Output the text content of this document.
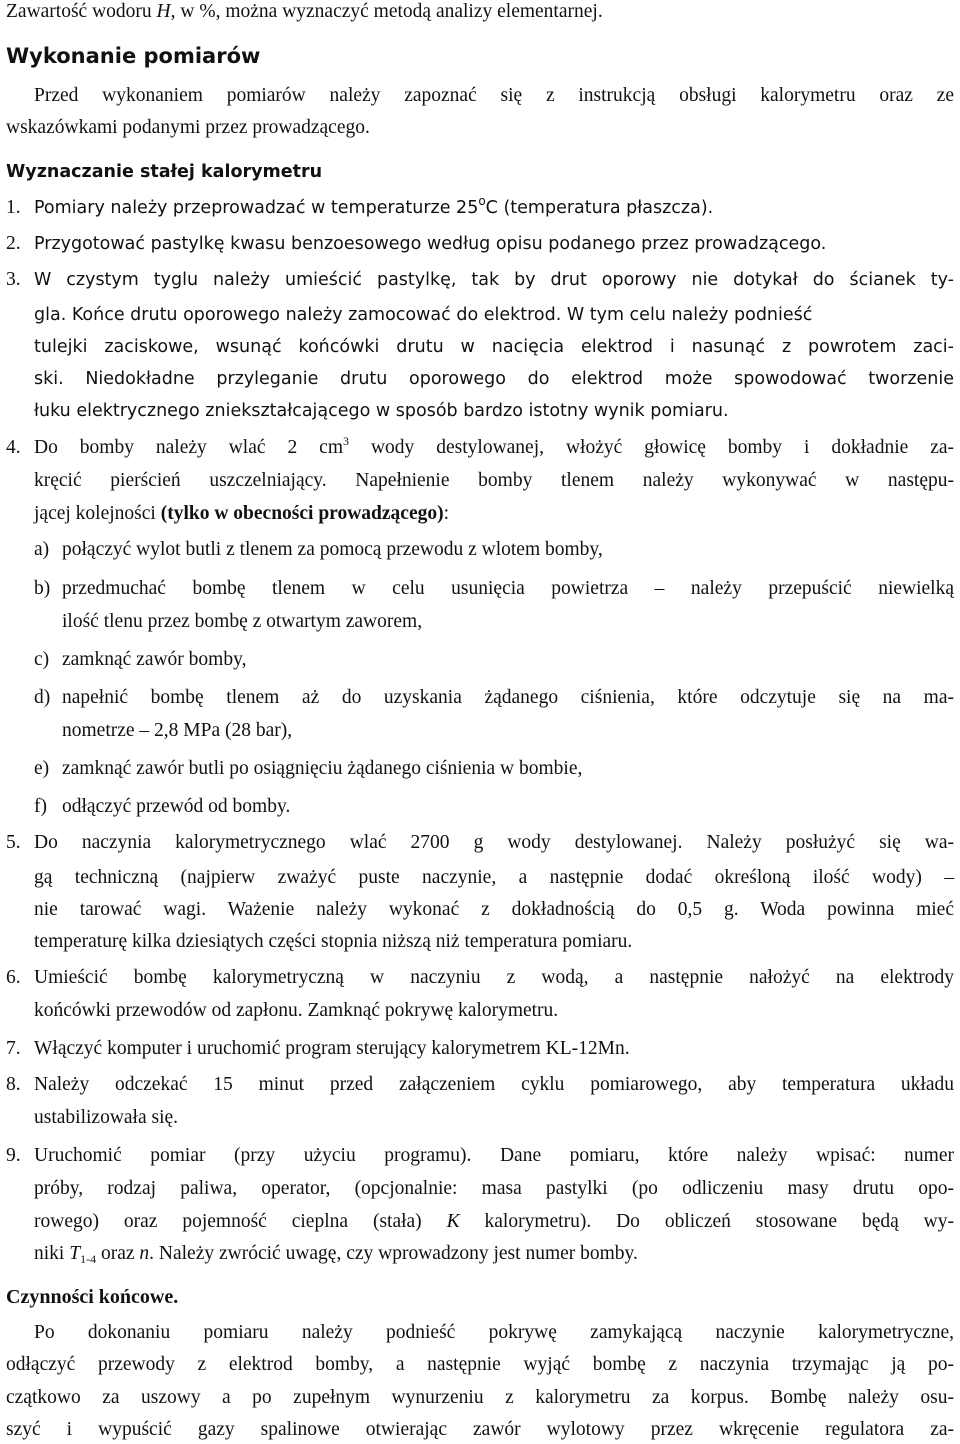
Zawartość wodoru H, w %, można wyznaczyć metodą analizy elementarnej.
Wykonanie pomiarów
Przed wykonaniem pomiarów należy zapoznać się z instrukcją obsługi kalorymetru oraz ze
wskazówkami podanymi przez prowadzącego.
Wyznaczanie stałej kalorymetru
1. Pomiary należy przeprowadzać w temperaturze 25$^o$C (temperatura płaszcza).
2. Przygotować pastylkę kwasu benzoesowego według opisu podanego przez prowadzącego.
3. W czystym tyglu należy umieścić pastylkę, tak by drut oporowy nie dotykał do ścianek ty-
gla. Końce drutu oporowego należy zamocować do elektrod. W tym celu należy podnieść
tulejki zaciskowe, wsunąć końcówki drutu w nacięcia elektrod i nasunąć z powrotem zaci-
ski. Niedokładne przyleganie drutu oporowego do elektrod może spowodować tworzenie
łuku elektrycznego zniekształcającego w sposób bardzo istotny wynik pomiaru.
4. Do bomby należy wlać 2 $cm^3$ wody destylowanej, włożyć głowicę bomby i dokładnie za-
kręcić pierścień uszczelniający. Napełnienie bomby tlenem należy wykonywać w następu-
jącej kolejności (tylko w obecności prowadzącego):
a) połączyć wylot butli z tlenem za pomocą przewodu z wlotem bomby,
b) przedmuchać bombę tlenem w celu usunięcia powietrza – należy przepuścić niewielką
ilość tlenu przez bombę z otwartym zaworem,
c) zamknąć zawór bomby,
d) napełnić bombę tlenem aż do uzyskania żądanego ciśnienia, które odczytuje się na ma-
nometrze – 2,8 MPa (28 bar),
e) zamknąć zawór butli po osiągnięciu żądanego ciśnienia w bombie,
f) odłączyć przewód od bomby.
5. Do naczynia kalorymetrycznego wlać 2700 g wody destylowanej. Należy posłużyć się wa-
gą techniczną (najpierw zważyć puste naczynie, a następnie dodać określoną ilość wody) –
nie tarować wagi. Ważenie należy wykonać z dokładnością do 0,5 g. Woda powinna mieć
temperaturę kilka dziesiątych części stopnia niższą niż temperatura pomiaru.
6. Umieścić bombę kalorymetryczną w naczyniu z wodą, a następnie nałożyć na elektrody
końcówki przewodów od zapłonu. Zamknąć pokrywę kalorymetru.
7. Włączyć komputer i uruchomić program sterujący kalorymetrem KL-12Mn.
8. Należy odczekać 15 minut przed załączeniem cyklu pomiarowego, aby temperatura układu
ustabilizowała się.
9. Uruchomić pomiar (przy użyciu programu). Dane pomiaru, które należy wpisać: numer
próby, rodzaj paliwa, operator, (opcjonalnie: masa pastylki (po odliczeniu masy drutu opo-
rowego) oraz pojemność cieplna (stała) K kalorymetru). Do obliczeń stosowane będą wy-
niki $T_{1-4}$ oraz n. Należy zwrócić uwagę, czy wprowadzony jest numer bomby.
Czynności końcowe.
Po dokonaniu pomiaru należy podnieść pokrywę zamykającą naczynie kalorymetryczne,
odłączyć przewody z elektrod bomby, a następnie wyjąć bombę z naczynia trzymając ją po-
czątkowo za uszowy a po zupełnym wynurzeniu z kalorymetru za korpus. Bombę należy osu-
szyć i wypuścić gazy spalinowe otwierając zawór wylotowy przez wkręcenie regulatora za-
